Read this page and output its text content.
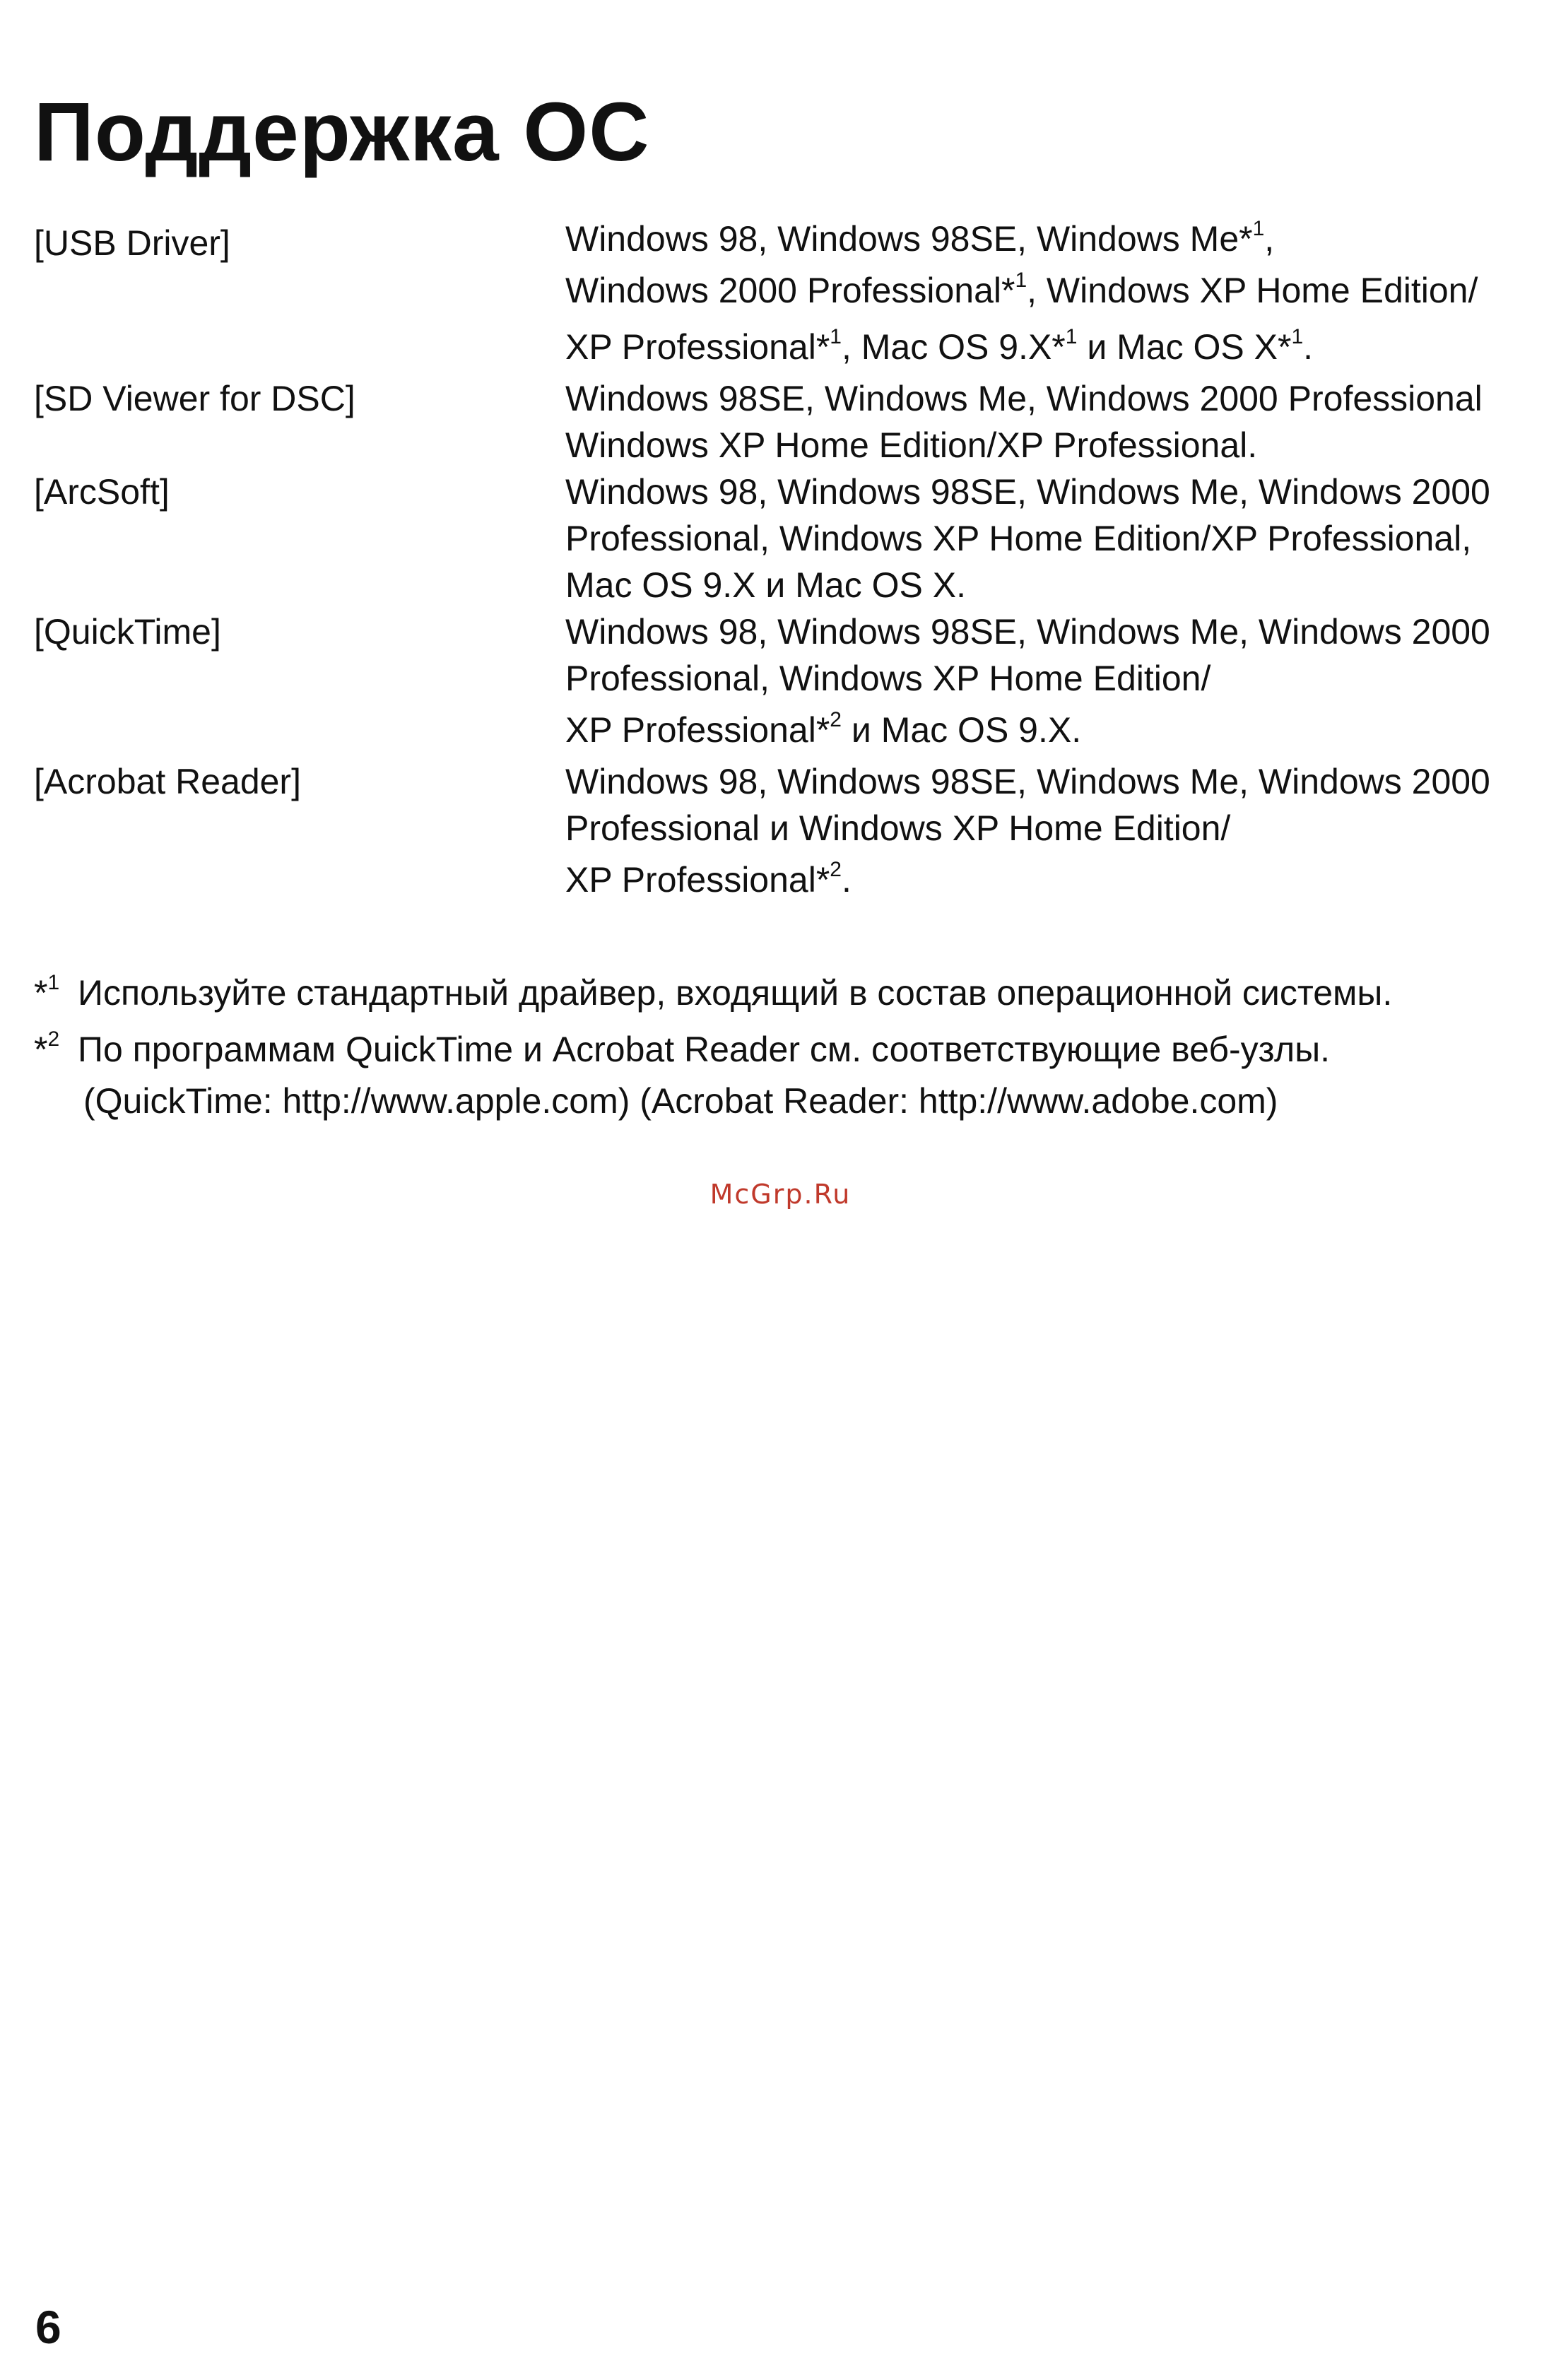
Поддержка ОС
[USB Driver]	Windows 98, Windows 98SE, Windows Me*$^1$,
Windows 2000 Professional*$^1$, Windows XP Home Edition/
XP Professional*$^1$, Mac OS 9.X*$^1$ и Mac OS X*$^1$.
[SD Viewer for DSC]	Windows 98SE, Windows Me, Windows 2000 Professional
Windows XP Home Edition/XP Professional.
[ArcSoft]	Windows 98, Windows 98SE, Windows Me, Windows 2000
Professional, Windows XP Home Edition/XP Professional,
Mac OS 9.X и Mac OS X.
[QuickTime]	Windows 98, Windows 98SE, Windows Me, Windows 2000
Professional, Windows XP Home Edition/
XP Professional*$^2$ и Mac OS 9.X.
[Acrobat Reader]	Windows 98, Windows 98SE, Windows Me, Windows 2000
Professional и Windows XP Home Edition/
XP Professional*$^2$.
*$^1$ Используйте стандартный драйвер, входящий в состав операционной системы.
*$^2$ По программам QuickTime и Acrobat Reader см. соответствующие веб-узлы.
(QuickTime: http://www.apple.com) (Acrobat Reader: http://www.adobe.com)
McGrp.Ru
6
